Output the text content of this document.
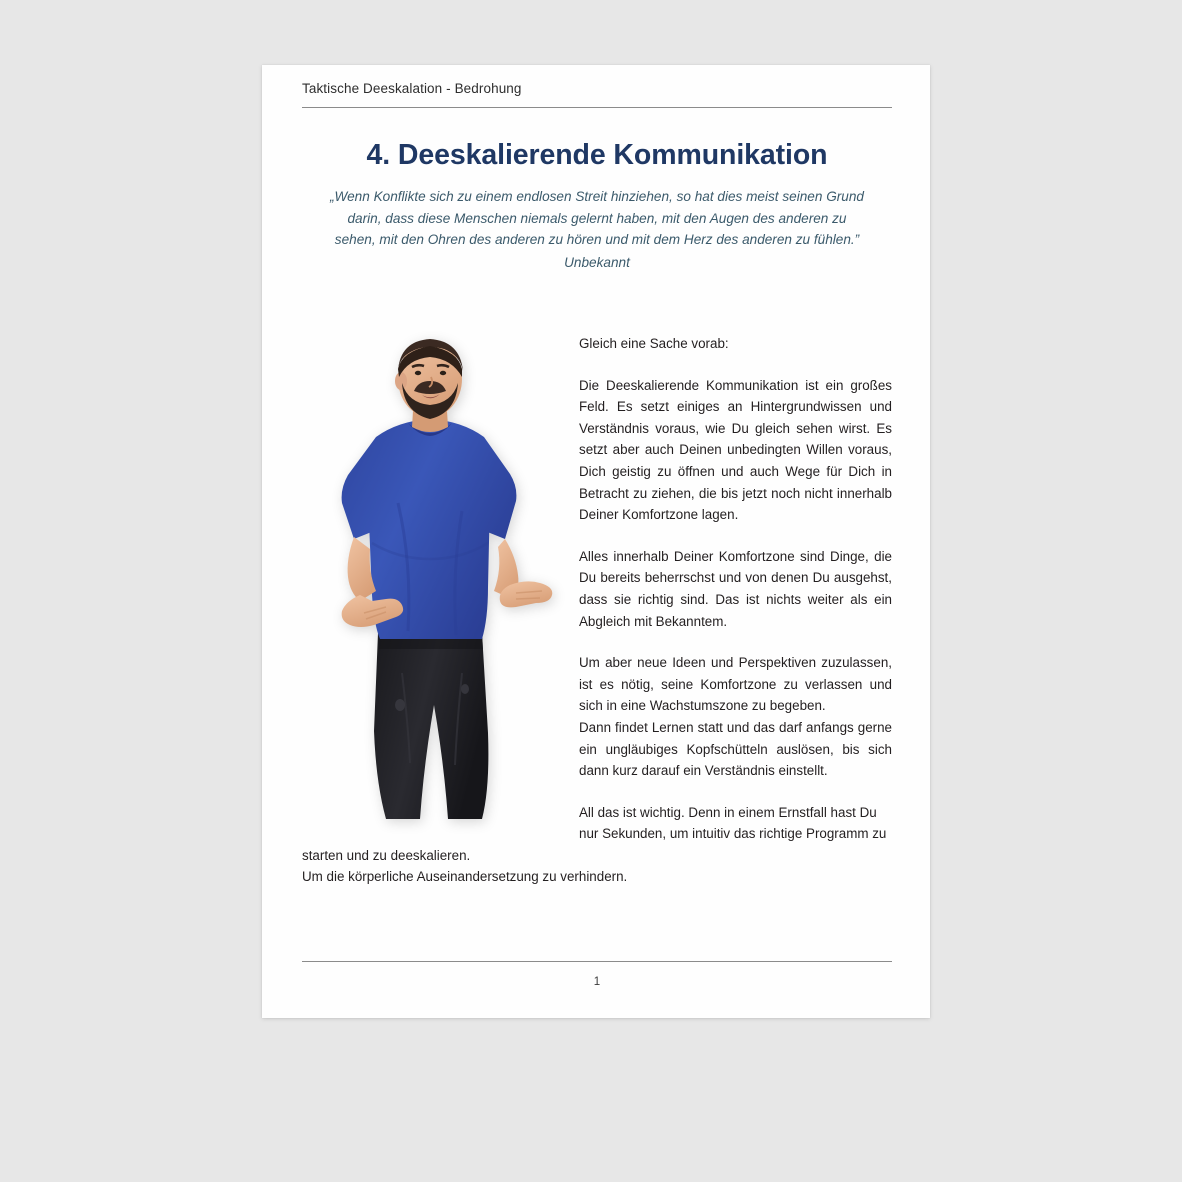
Taktische Deeskalation - Bedrohung
4. Deeskalierende Kommunikation
„Wenn Konflikte sich zu einem endlosen Streit hinziehen, so hat dies meist seinen Grund darin, dass diese Menschen niemals gelernt haben, mit den Augen des anderen zu sehen, mit den Ohren des anderen zu hören und mit dem Herz des anderen zu fühlen.”
Unbekannt

Gleich eine Sache vorab:

Die Deeskalierende Kommunikation ist ein großes Feld. Es setzt einiges an Hintergrundwissen und Verständnis voraus, wie Du gleich sehen wirst. Es setzt aber auch Deinen unbedingten Willen voraus, Dich geistig zu öffnen und auch Wege für Dich in Betracht zu ziehen, die bis jetzt noch nicht innerhalb Deiner Komfortzone lagen.

Alles innerhalb Deiner Komfortzone sind Dinge, die Du bereits beherrschst und von denen Du ausgehst, dass sie richtig sind. Das ist nichts weiter als ein Abgleich mit Bekanntem.

Um aber neue Ideen und Perspektiven zuzulassen, ist es nötig, seine Komfortzone zu verlassen und sich in eine Wachstumszone zu begeben.

Dann findet Lernen statt und das darf anfangs gerne ein ungläubiges Kopfschütteln auslösen, bis sich dann kurz darauf ein Verständnis einstellt.

All das ist wichtig. Denn in einem Ernstfall hast Du nur Sekunden, um intuitiv das richtige Programm zu starten und zu deeskalieren.

Um die körperliche Auseinandersetzung zu verhindern.

1
